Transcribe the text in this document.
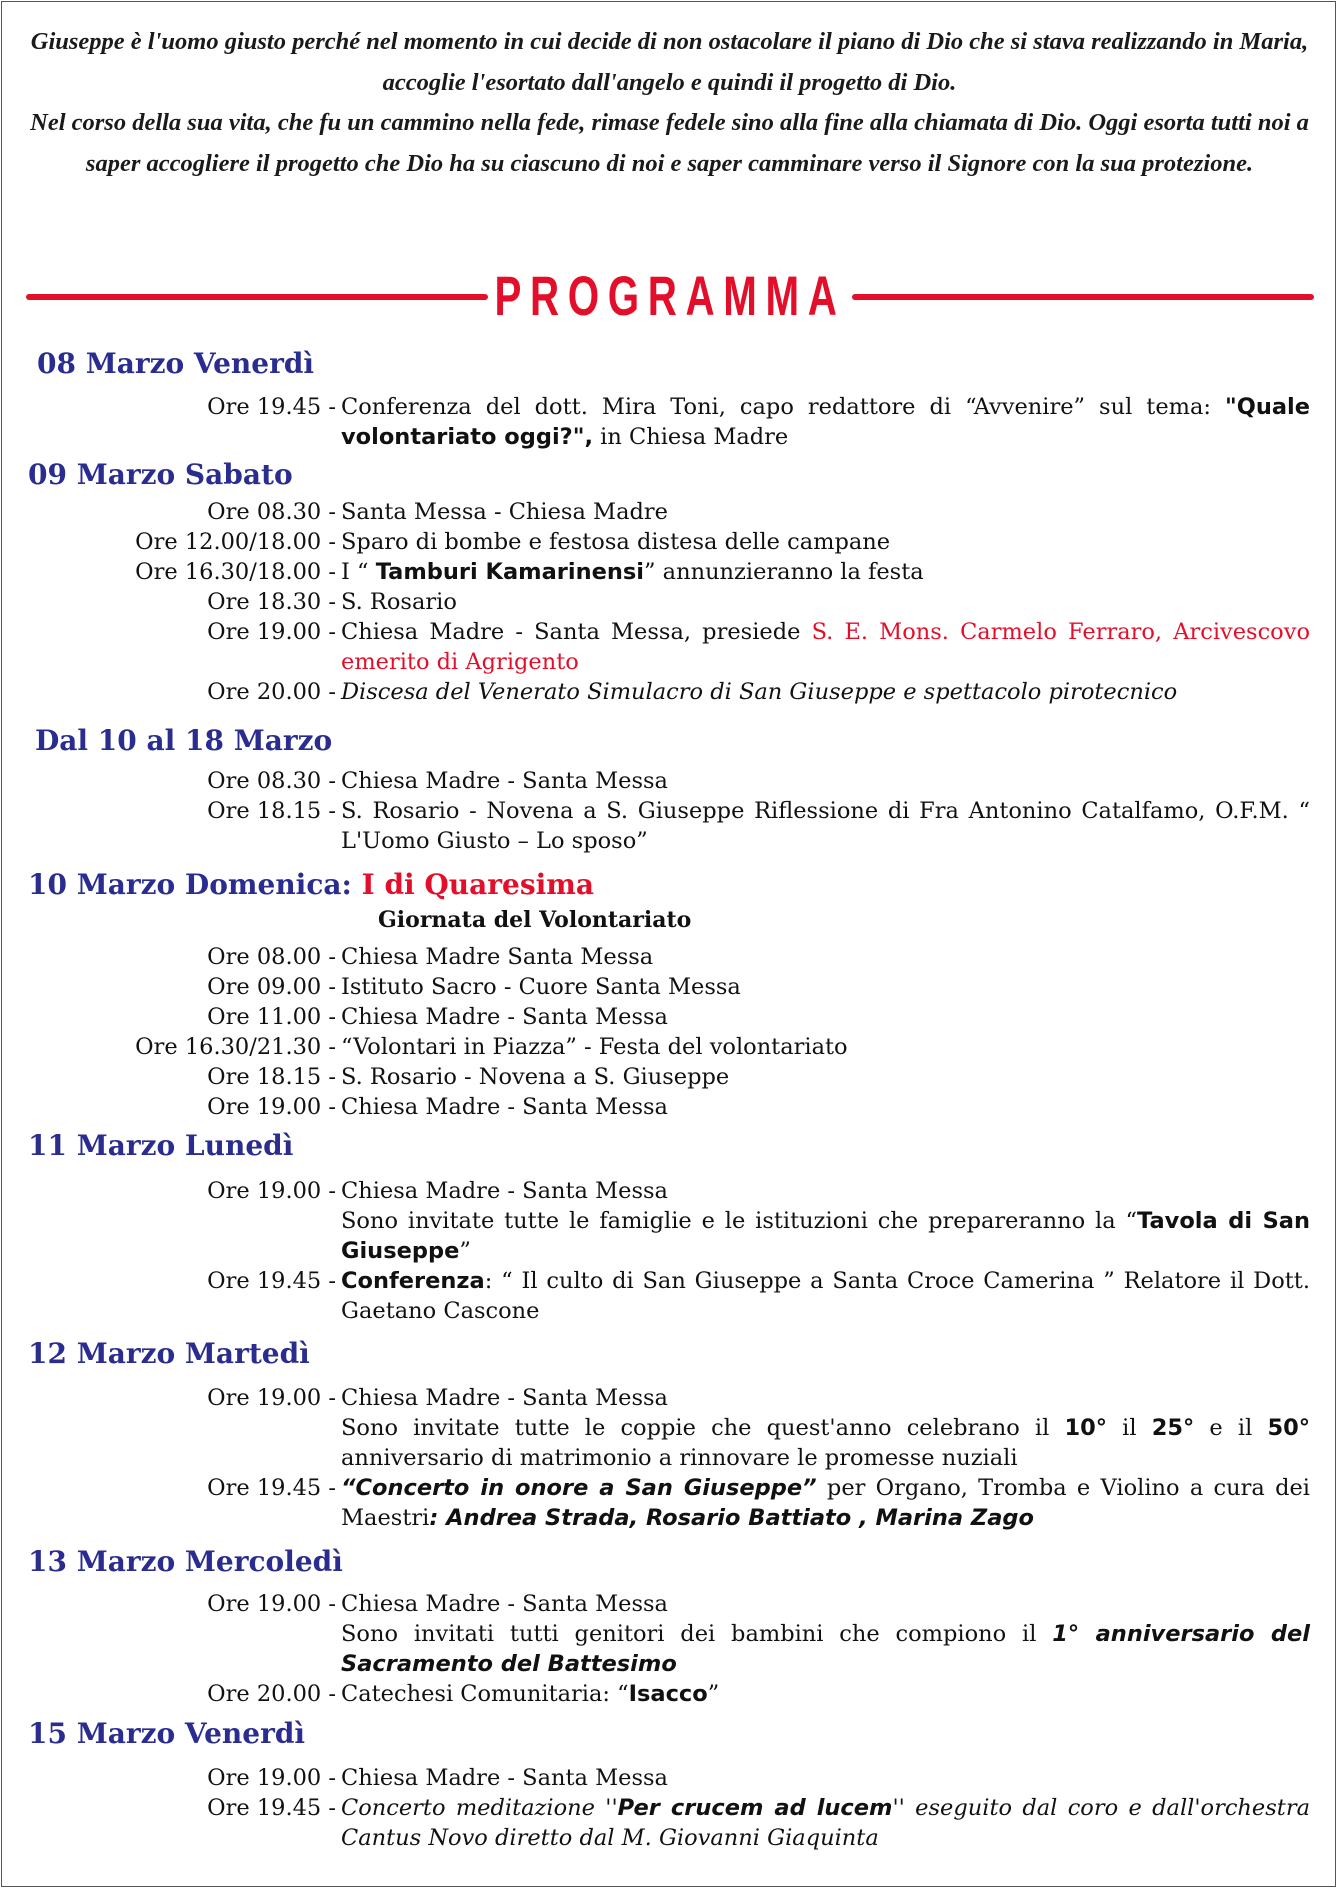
Giuseppe è l'uomo giusto perché nel momento in cui decide di non ostacolare il piano di Dio che si stava realizzando in Maria, accoglie l'esortato dall'angelo e quindi il progetto di Dio.

Nel corso della sua vita, che fu un cammino nella fede, rimase fedele sino alla fine alla chiamata di Dio. Oggi esorta tutti noi a saper accogliere il progetto che Dio ha su ciascuno di noi e saper camminare verso il Signore con la sua protezione.

PROGRAMMA
08 Marzo Venerdì
Ore 19.45 - Conferenza del dott. Mira Toni, capo redattore di “Avvenire” sul tema: "Quale volontariato oggi?", in Chiesa Madre
09 Marzo Sabato
Ore 08.30 - Santa Messa - Chiesa Madre
Ore 12.00/18.00 - Sparo di bombe e festosa distesa delle campane
Ore 16.30/18.00 - I “ Tamburi Kamarinensi” annunzieranno la festa
Ore 18.30 - S. Rosario
Ore 19.00 - Chiesa Madre - Santa Messa, presiede S. E. Mons. Carmelo Ferraro, Arcivescovo emerito di Agrigento
Ore 20.00 - Discesa del Venerato Simulacro di San Giuseppe e spettacolo pirotecnico
Dal 10 al 18 Marzo
Ore 08.30 - Chiesa Madre - Santa Messa
Ore 18.15 - S. Rosario - Novena a S. Giuseppe Riflessione di Fra Antonino Catalfamo, O.F.M. “ L'Uomo Giusto – Lo sposo”
10 Marzo Domenica: I di Quaresima
Giornata del Volontariato
Ore 08.00 - Chiesa Madre Santa Messa
Ore 09.00 - Istituto Sacro - Cuore Santa Messa
Ore 11.00 - Chiesa Madre - Santa Messa
Ore 16.30/21.30 - “Volontari in Piazza” - Festa del volontariato
Ore 18.15 - S. Rosario - Novena a S. Giuseppe
Ore 19.00 - Chiesa Madre - Santa Messa
11 Marzo Lunedì
Ore 19.00 - Chiesa Madre - Santa Messa
Sono invitate tutte le famiglie e le istituzioni che prepareranno la “Tavola di San Giuseppe”
Ore 19.45 - Conferenza: “ Il culto di San Giuseppe a Santa Croce Camerina ” Relatore il Dott. Gaetano Cascone
12 Marzo Martedì
Ore 19.00 - Chiesa Madre - Santa Messa
Sono invitate tutte le coppie che quest'anno celebrano il 10° il 25° e il 50° anniversario di matrimonio a rinnovare le promesse nuziali
Ore 19.45 - “Concerto in onore a San Giuseppe” per Organo, Tromba e Violino a cura dei Maestri: Andrea Strada, Rosario Battiato , Marina Zago
13 Marzo Mercoledì
Ore 19.00 - Chiesa Madre - Santa Messa
Sono invitati tutti genitori dei bambini che compiono il 1° anniversario del Sacramento del Battesimo
Ore 20.00 - Catechesi Comunitaria: “Isacco”
15 Marzo Venerdì
Ore 19.00 - Chiesa Madre - Santa Messa
Ore 19.45 - Concerto meditazione ''Per crucem ad lucem'' eseguito dal coro e dall'orchestra Cantus Novo diretto dal M. Giovanni Giaquinta
